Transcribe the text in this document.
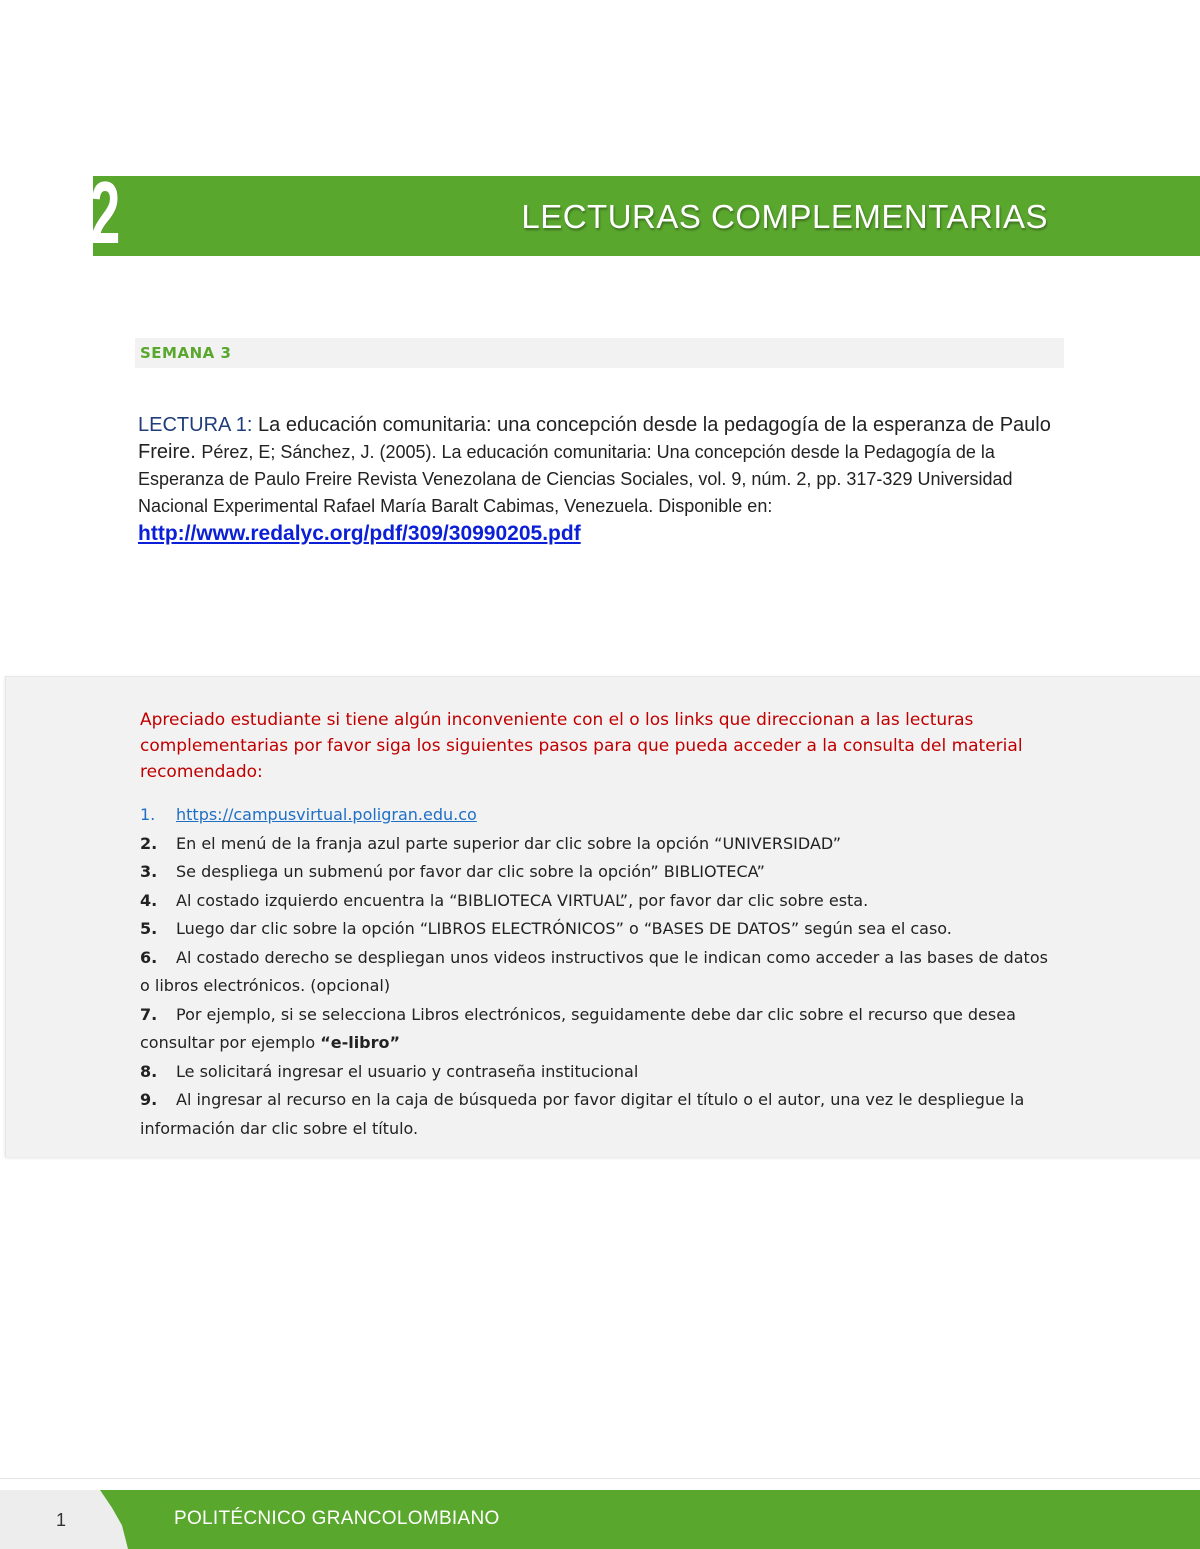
2	LECTURAS COMPLEMENTARIAS
SEMANA 3
LECTURA 1: La educación comunitaria: una concepción desde la pedagogía de la esperanza de Paulo Freire. Pérez, E; Sánchez, J. (2005). La educación comunitaria: Una concepción desde la Pedagogía de la Esperanza de Paulo Freire Revista Venezolana de Ciencias Sociales, vol. 9, núm. 2, pp. 317-329 Universidad Nacional Experimental Rafael María Baralt Cabimas, Venezuela. Disponible en:
http://www.redalyc.org/pdf/309/30990205.pdf
Apreciado estudiante si tiene algún inconveniente con el o los links que direccionan a las lecturas complementarias por favor siga los siguientes pasos para que pueda acceder a la consulta del material recomendado:
1. https://campusvirtual.poligran.edu.co
2. En el menú de la franja azul parte superior dar clic sobre la opción “UNIVERSIDAD”
3. Se despliega un submenú por favor dar clic sobre la opción” BIBLIOTECA”
4. Al costado izquierdo encuentra la “BIBLIOTECA VIRTUAL”, por favor dar clic sobre esta.
5. Luego dar clic sobre la opción “LIBROS ELECTRÓNICOS” o “BASES DE DATOS” según sea el caso.
6. Al costado derecho se despliegan unos videos instructivos que le indican como acceder a las bases de datos o libros electrónicos. (opcional)
7. Por ejemplo, si se selecciona Libros electrónicos, seguidamente debe dar clic sobre el recurso que desea consultar por ejemplo “e-libro”
8. Le solicitará ingresar el usuario y contraseña institucional
9. Al ingresar al recurso en la caja de búsqueda por favor digitar el título o el autor, una vez le despliegue la información dar clic sobre el título.
1	POLITÉCNICO GRANCOLOMBIANO
